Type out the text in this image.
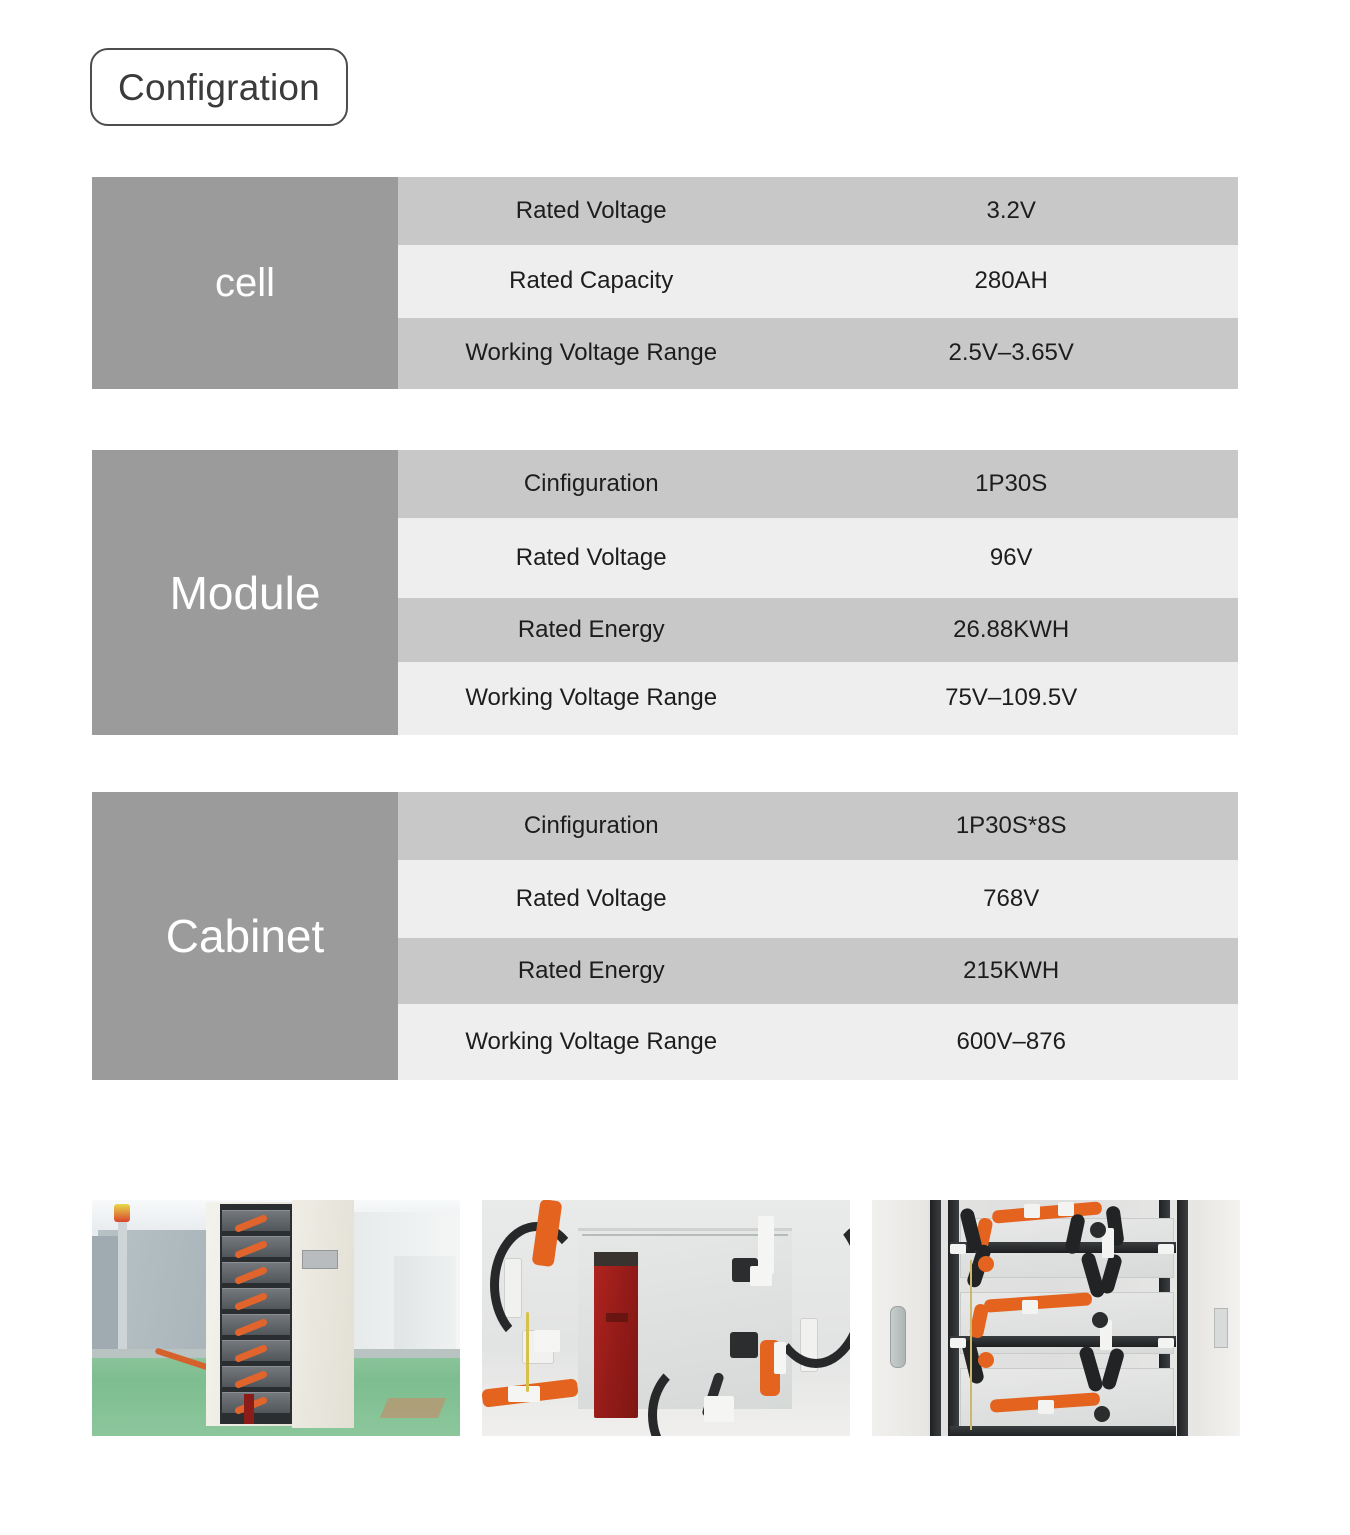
Configration
cell
Rated Voltage	3.2V
Rated Capacity	280AH
Working Voltage Range	2.5V–3.65V
Module
Cinfiguration	1P30S
Rated Voltage	96V
Rated Energy	26.88KWH
Working Voltage Range	75V–109.5V
Cabinet
Cinfiguration	1P30S*8S
Rated Voltage	768V
Rated Energy	215KWH
Working Voltage Range	600V–876
